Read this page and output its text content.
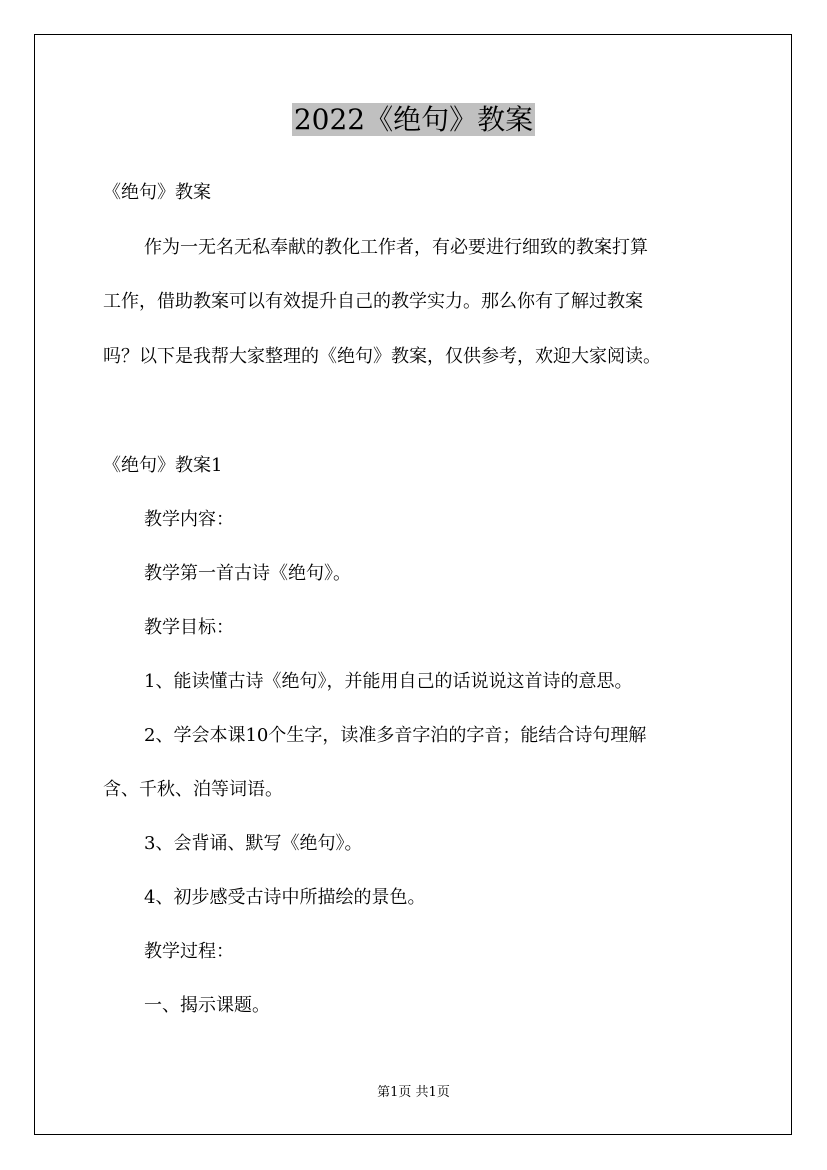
2022《绝句》教案
《绝句》教案
作为一无名无私奉献的教化工作者，有必要进行细致的教案打算
工作，借助教案可以有效提升自己的教学实力。那么你有了解过教案
吗？以下是我帮大家整理的《绝句》教案，仅供参考，欢迎大家阅读。
《绝句》教案1
教学内容：
教学第一首古诗《绝句》。
教学目标：
1、能读懂古诗《绝句》，并能用自己的话说说这首诗的意思。
2、学会本课10个生字，读准多音字泊的字音；能结合诗句理解
含、千秋、泊等词语。
3、会背诵、默写《绝句》。
4、初步感受古诗中所描绘的景色。
教学过程：
一、揭示课题。
第1页 共1页
